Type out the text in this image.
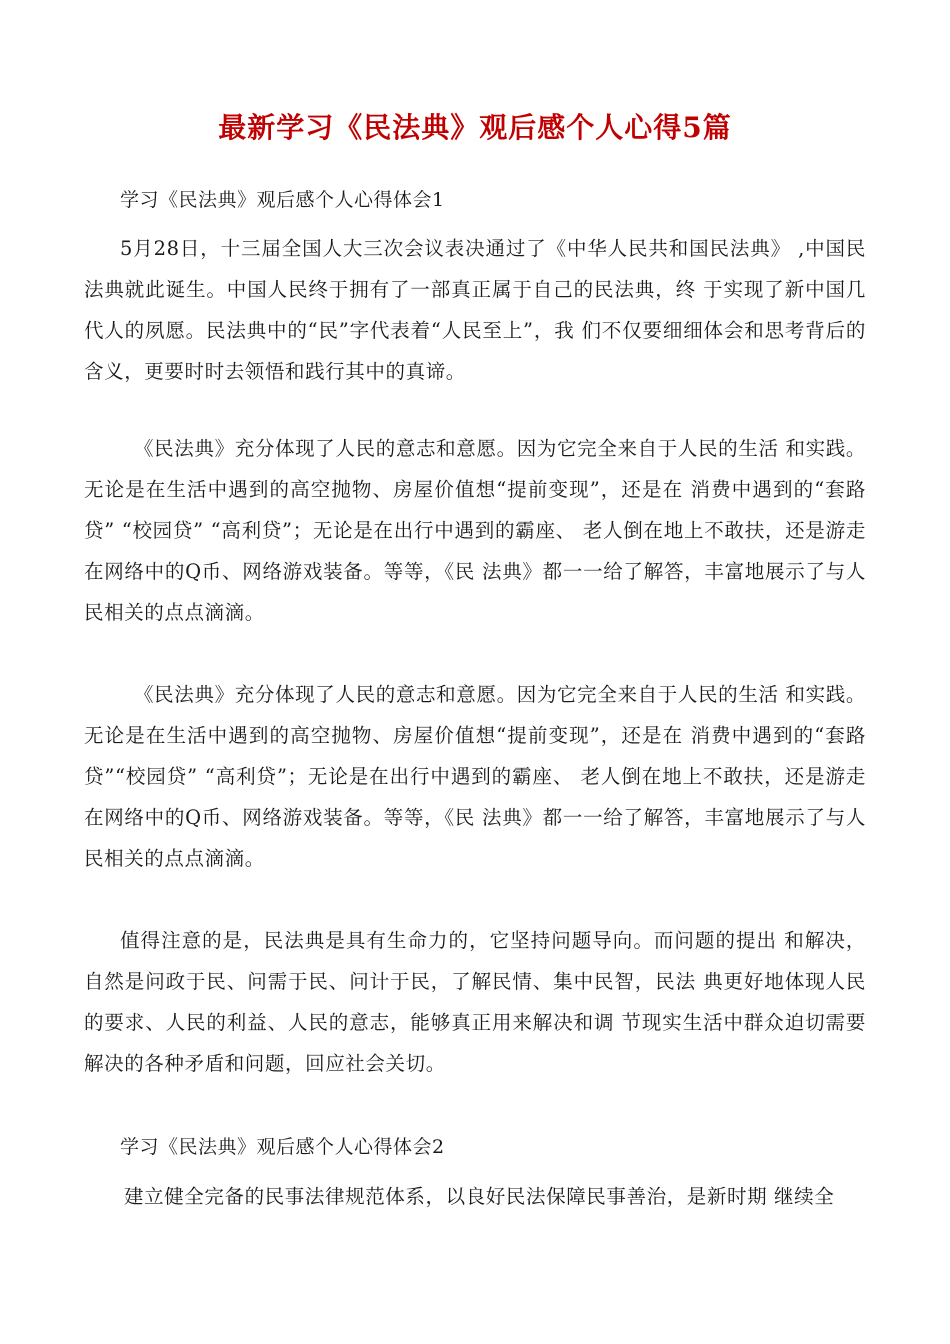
最新学习《民法典》观后感个人心得5篇
学习《民法典》观后感个人心得体会1
5月28日，十三届全国人大三次会议表决通过了《中华人民共和国民法典》 ,中国民法典就此诞生。中国人民终于拥有了一部真正属于自己的民法典，终 于实现了新中国几代人的夙愿。民法典中的“民”字代表着“人民至上”，我 们不仅要细细体会和思考背后的含义，更要时时去领悟和践行其中的真谛。
《民法典》充分体现了人民的意志和意愿。因为它完全来自于人民的生活 和实践。无论是在生活中遇到的高空抛物、房屋价值想“提前变现”，还是在 消费中遇到的“套路贷” “校园贷” “高利贷”；无论是在出行中遇到的霸座、 老人倒在地上不敢扶，还是游走在网络中的Q币、网络游戏装备。等等，《民 法典》都一一给了解答，丰富地展示了与人民相关的点点滴滴。
《民法典》充分体现了人民的意志和意愿。因为它完全来自于人民的生活 和实践。无论是在生活中遇到的高空抛物、房屋价值想“提前变现”，还是在 消费中遇到的“套路贷”“校园贷” “高利贷”；无论是在出行中遇到的霸座、 老人倒在地上不敢扶，还是游走在网络中的Q币、网络游戏装备。等等，《民 法典》都一一给了解答，丰富地展示了与人民相关的点点滴滴。
值得注意的是，民法典是具有生命力的，它坚持问题导向。而问题的提出 和解决，自然是问政于民、问需于民、问计于民，了解民情、集中民智，民法 典更好地体现人民的要求、人民的利益、人民的意志，能够真正用来解决和调 节现实生活中群众迫切需要解决的各种矛盾和问题，回应社会关切。
学习《民法典》观后感个人心得体会2
建立健全完备的民事法律规范体系，以良好民法保障民事善治，是新时期 继续全
